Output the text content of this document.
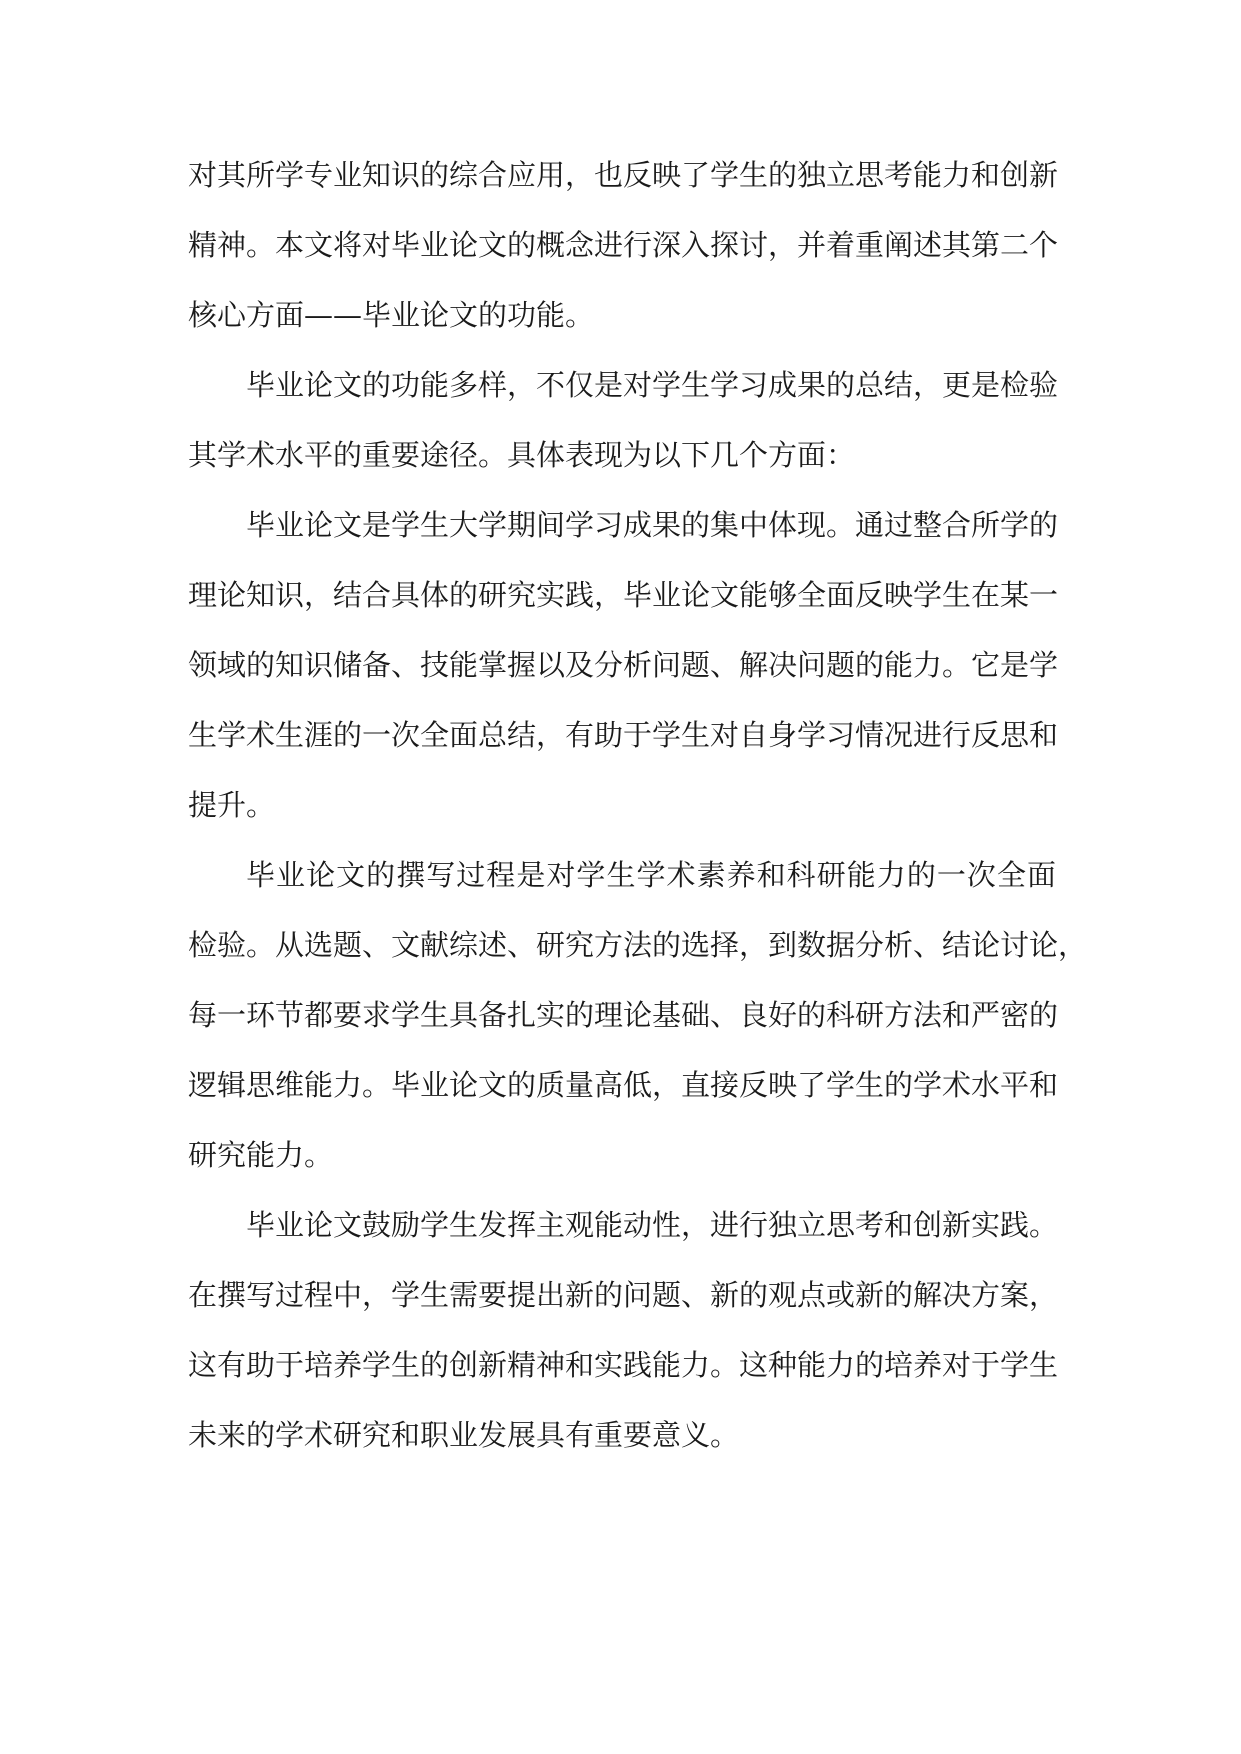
对其所学专业知识的综合应用，也反映了学生的独立思考能力和创新
精神。本文将对毕业论文的概念进行深入探讨，并着重阐述其第二个
核心方面——毕业论文的功能。
毕业论文的功能多样，不仅是对学生学习成果的总结，更是检验
其学术水平的重要途径。具体表现为以下几个方面：
毕业论文是学生大学期间学习成果的集中体现。通过整合所学的
理论知识，结合具体的研究实践，毕业论文能够全面反映学生在某一
领域的知识储备、技能掌握以及分析问题、解决问题的能力。它是学
生学术生涯的一次全面总结，有助于学生对自身学习情况进行反思和
提升。
毕业论文的撰写过程是对学生学术素养和科研能力的一次全面
检验。从选题、文献综述、研究方法的选择，到数据分析、结论讨论，
每一环节都要求学生具备扎实的理论基础、良好的科研方法和严密的
逻辑思维能力。毕业论文的质量高低，直接反映了学生的学术水平和
研究能力。
毕业论文鼓励学生发挥主观能动性，进行独立思考和创新实践。
在撰写过程中，学生需要提出新的问题、新的观点或新的解决方案，
这有助于培养学生的创新精神和实践能力。这种能力的培养对于学生
未来的学术研究和职业发展具有重要意义。
